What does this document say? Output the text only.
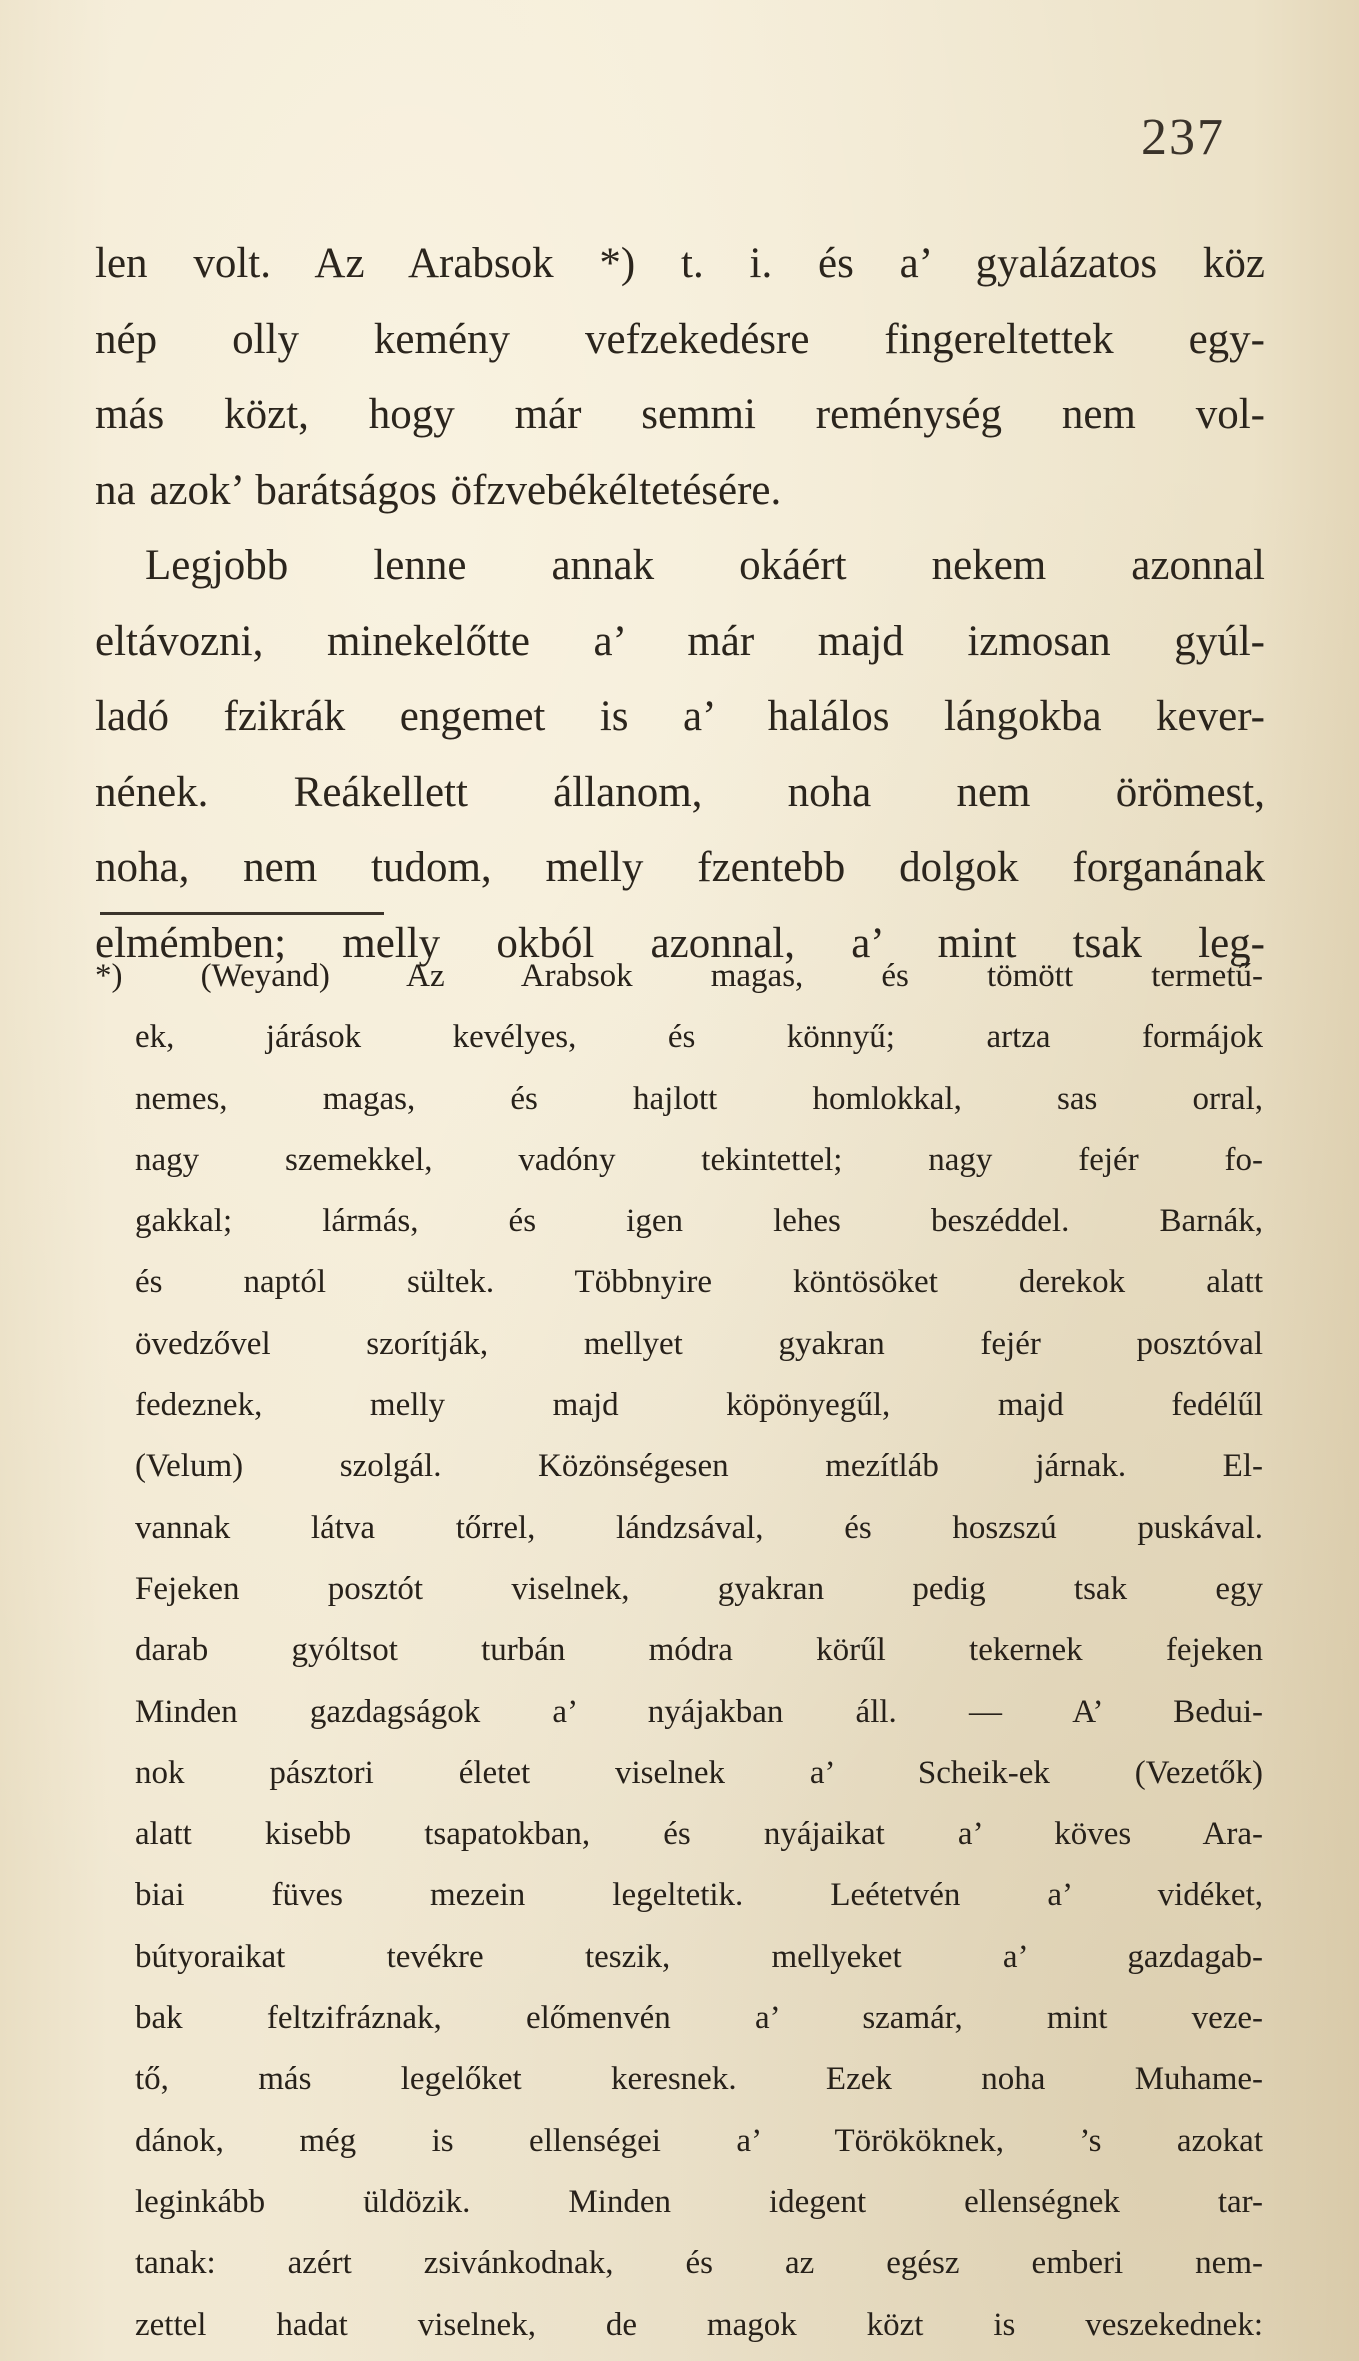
237
len volt. Az Arabsok *) t. i. és a’ gyalázatos köz
nép olly kemény vefzekedésre fingereltettek egy-
más közt, hogy már semmi reménység nem vol-
na azok’ barátságos öfzvebékéltetésére.
Legjobb lenne annak okáért nekem azonnal
eltávozni, minekelőtte a’ már majd izmosan gyúl-
ladó fzikrák engemet is a’ halálos lángokba kever-
nének. Reákellett állanom, noha nem örömest,
noha, nem tudom, melly fzentebb dolgok forganának
elmémben; melly okból azonnal, a’ mint tsak leg-
*) (Weyand) Az Arabsok magas, és tömött termetű-
ek, járások kevélyes, és könnyű; artza formájok
nemes, magas, és hajlott homlokkal, sas orral,
nagy szemekkel, vadóny tekintettel; nagy fejér fo-
gakkal; lármás, és igen lehes beszéddel. Barnák,
és naptól sültek. Többnyire köntösöket derekok alatt
övedzővel szorítják, mellyet gyakran fejér posztóval
fedeznek, melly majd köpönyegűl, majd fedélűl
(Velum) szolgál. Közönségesen mezítláb járnak. El-
vannak látva tőrrel, lándzsával, és hoszszú puskával.
Fejeken posztót viselnek, gyakran pedig tsak egy
darab gyóltsot turbán módra körűl tekernek fejeken
Minden gazdagságok a’ nyájakban áll. — A’ Bedui-
nok pásztori életet viselnek a’ Scheik-ek (Vezetők)
alatt kisebb tsapatokban, és nyájaikat a’ köves Ara-
biai füves mezein legeltetik. Leétetvén a’ vidéket,
bútyoraikat tevékre teszik, mellyeket a’ gazdagab-
bak feltzifráznak, előmenvén a’ szamár, mint veze-
tő, más legelőket keresnek. Ezek noha Muhame-
dánok, még is ellenségei a’ Törököknek, ’s azokat
leginkább üldözik. Minden idegent ellenségnek tar-
tanak: azért zsivánkodnak, és az egész emberi nem-
zettel hadat viselnek, de magok közt is veszekednek:
